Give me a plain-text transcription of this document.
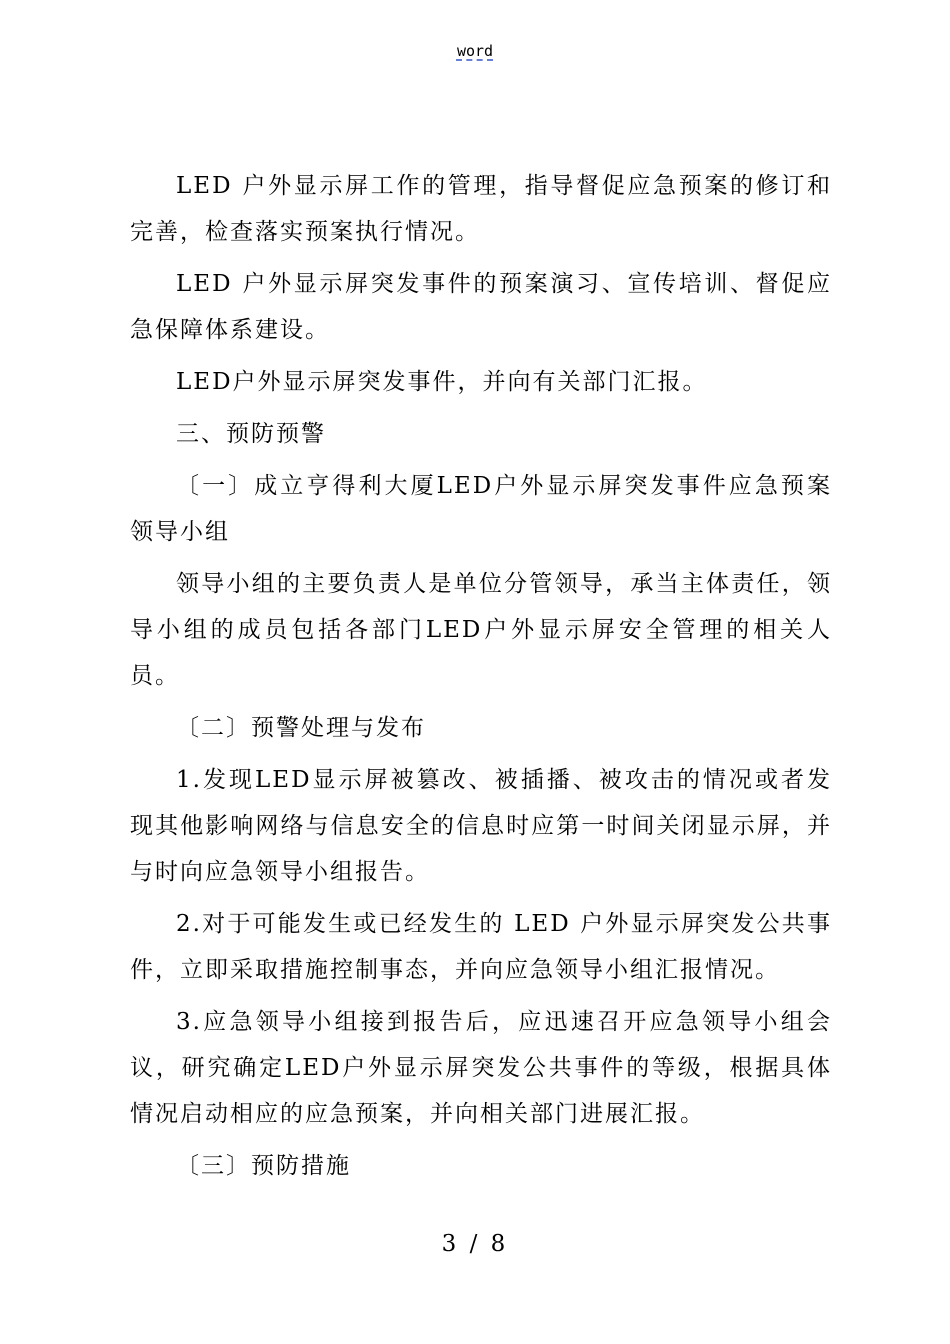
word

LED 户外显示屏工作的管理，指导督促应急预案的修订和完善，检查落实预案执行情况。

LED 户外显示屏突发事件的预案演习、宣传培训、督促应急保障体系建设。

LED户外显示屏突发事件，并向有关部门汇报。

三、预防预警

〔一〕成立亨得利大厦LED户外显示屏突发事件应急预案领导小组

领导小组的主要负责人是单位分管领导，承当主体责任，领导小组的成员包括各部门LED户外显示屏安全管理的相关人员。

〔二〕预警处理与发布

1.发现LED显示屏被篡改、被插播、被攻击的情况或者发现其他影响网络与信息安全的信息时应第一时间关闭显示屏，并与时向应急领导小组报告。

2.对于可能发生或已经发生的 LED 户外显示屏突发公共事件，立即采取措施控制事态，并向应急领导小组汇报情况。

3.应急领导小组接到报告后，应迅速召开应急领导小组会议，研究确定LED户外显示屏突发公共事件的等级，根据具体情况启动相应的应急预案，并向相关部门进展汇报。

〔三〕预防措施

3 / 8
